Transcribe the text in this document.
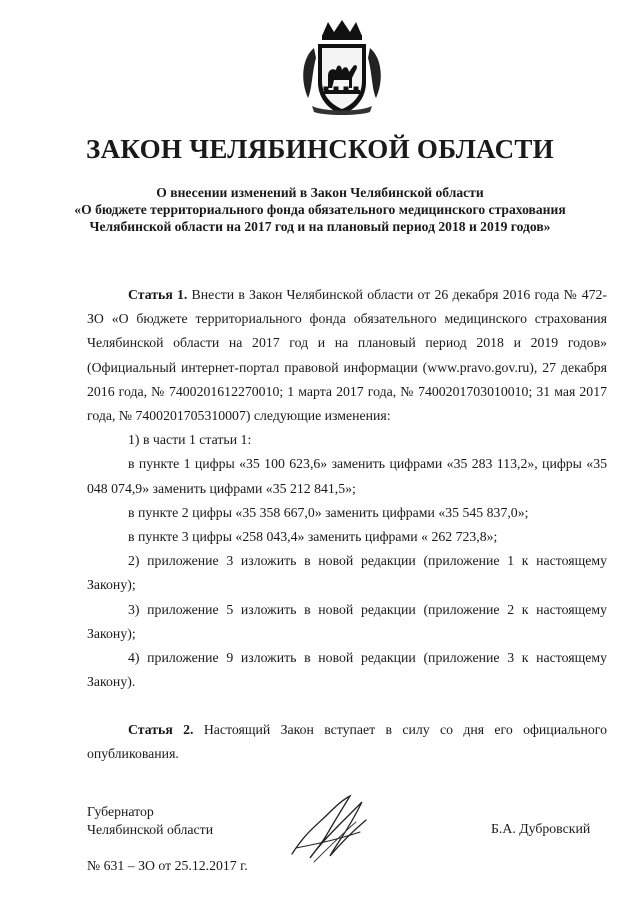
ЗАКОН ЧЕЛЯБИНСКОЙ ОБЛАСТИ
О внесении изменений в Закон Челябинской области
«О бюджете территориального фонда обязательного медицинского страхования
Челябинской области на 2017 год и на плановый период 2018 и 2019 годов»

Статья 1. Внести в Закон Челябинской области от 26 декабря 2016 года № 472-ЗО «О бюджете территориального фонда обязательного медицинского страхования Челябинской области на 2017 год и на плановый период 2018 и 2019 годов» (Официальный интернет-портал правовой информации (www.pravo.gov.ru), 27 декабря 2016 года, № 7400201612270010; 1 марта 2017 года, № 7400201703010010; 31 мая 2017 года, № 7400201705310007) следующие изменения:

1) в части 1 статьи 1:

в пункте 1 цифры «35 100 623,6» заменить цифрами «35 283 113,2», цифры «35 048 074,9» заменить цифрами «35 212 841,5»;

в пункте 2 цифры «35 358 667,0» заменить цифрами «35 545 837,0»;

в пункте 3 цифры «258 043,4» заменить цифрами « 262 723,8»;

2) приложение 3 изложить в новой редакции (приложение 1 к настоящему Закону);

3) приложение 5 изложить в новой редакции (приложение 2 к настоящему Закону);

4) приложение 9 изложить в новой редакции (приложение 3 к настоящему Закону).

Статья 2. Настоящий Закон вступает в силу со дня его официального опубликования.

Губернатор
Челябинской области	Б.А. Дубровский
№ 631 – ЗО от 25.12.2017 г.
